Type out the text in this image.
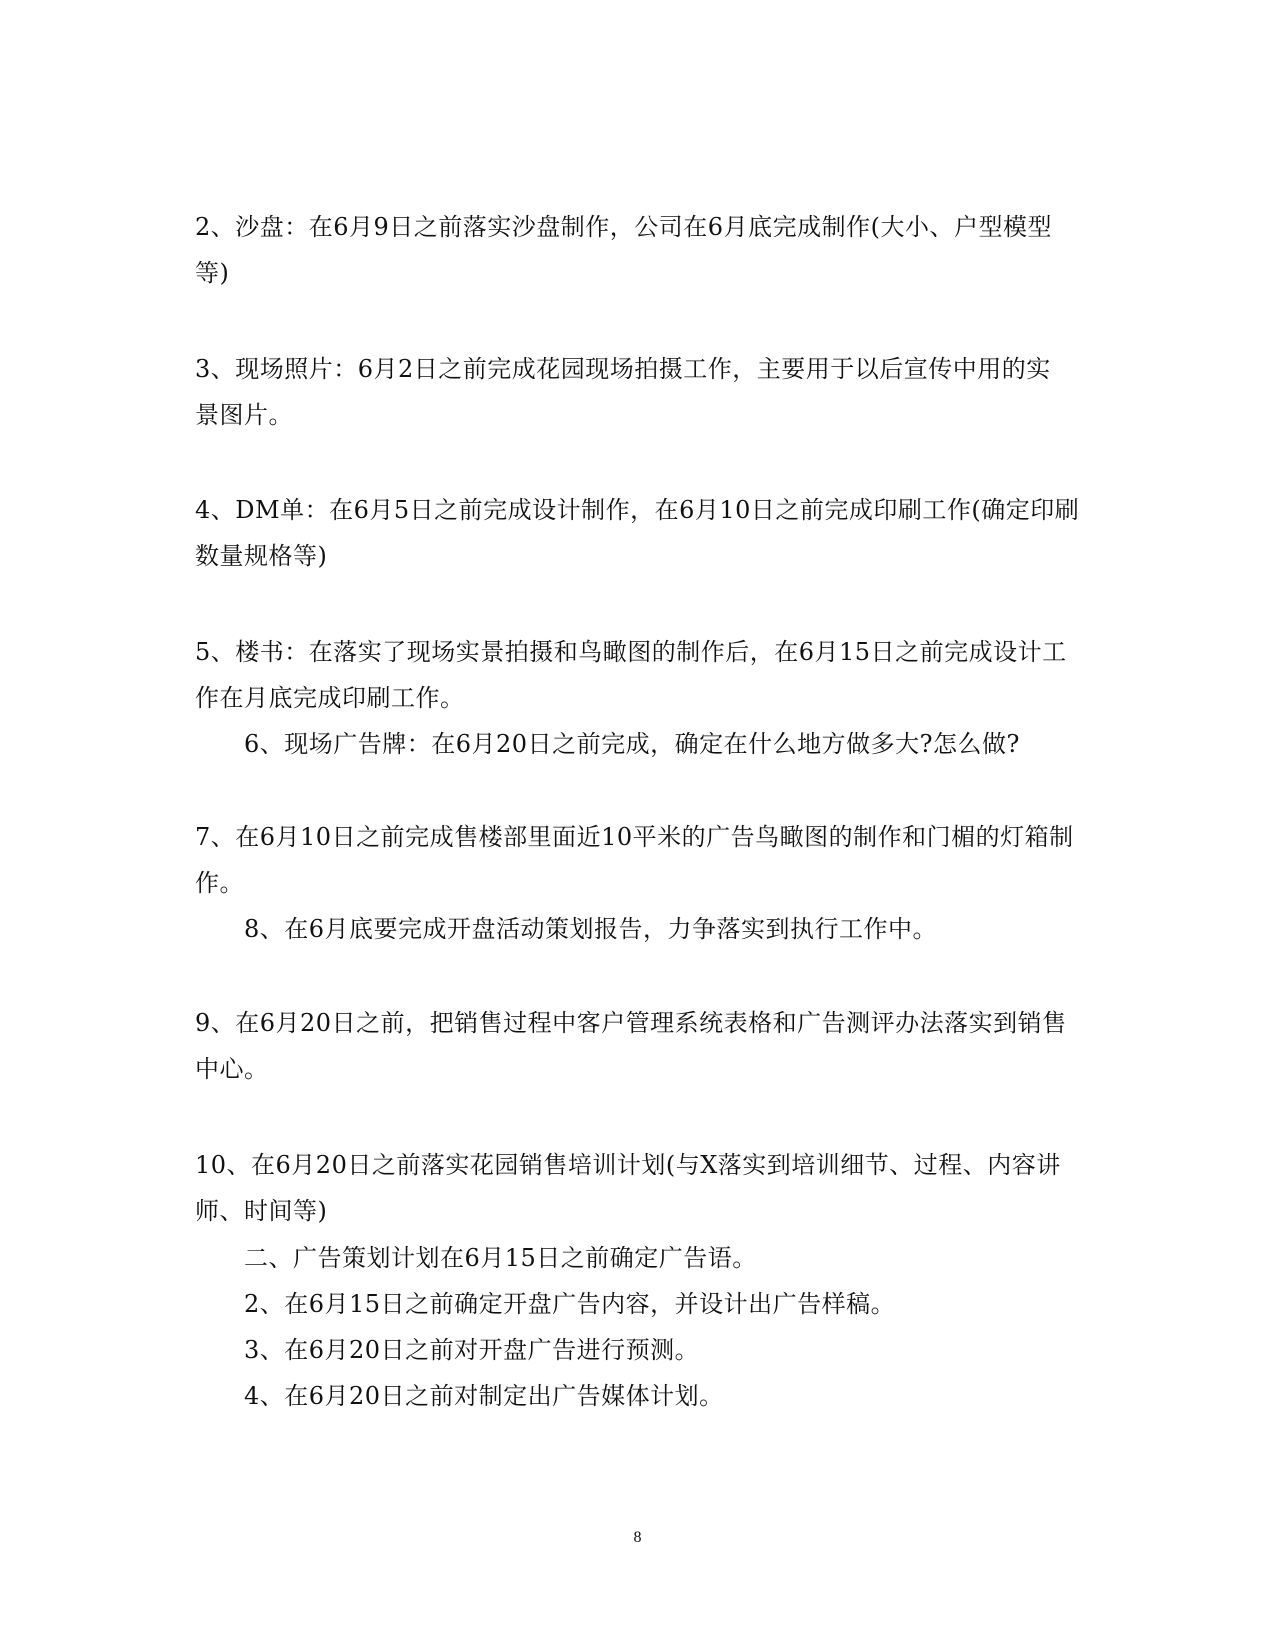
2、沙盘：在6月9日之前落实沙盘制作，公司在6月底完成制作(大小、户型模型
等)
3、现场照片：6月2日之前完成花园现场拍摄工作，主要用于以后宣传中用的实
景图片。
4、DM单：在6月5日之前完成设计制作，在6月10日之前完成印刷工作(确定印刷
数量规格等)
5、楼书：在落实了现场实景拍摄和鸟瞰图的制作后，在6月15日之前完成设计工
作在月底完成印刷工作。
6、现场广告牌：在6月20日之前完成，确定在什么地方做多大?怎么做?
7、在6月10日之前完成售楼部里面近10平米的广告鸟瞰图的制作和门楣的灯箱制
作。
8、在6月底要完成开盘活动策划报告，力争落实到执行工作中。
9、在6月20日之前，把销售过程中客户管理系统表格和广告测评办法落实到销售
中心。
10、在6月20日之前落实花园销售培训计划(与X落实到培训细节、过程、内容讲
师、时间等)
二、广告策划计划在6月15日之前确定广告语。
2、在6月15日之前确定开盘广告内容，并设计出广告样稿。
3、在6月20日之前对开盘广告进行预测。
4、在6月20日之前对制定出广告媒体计划。
8
